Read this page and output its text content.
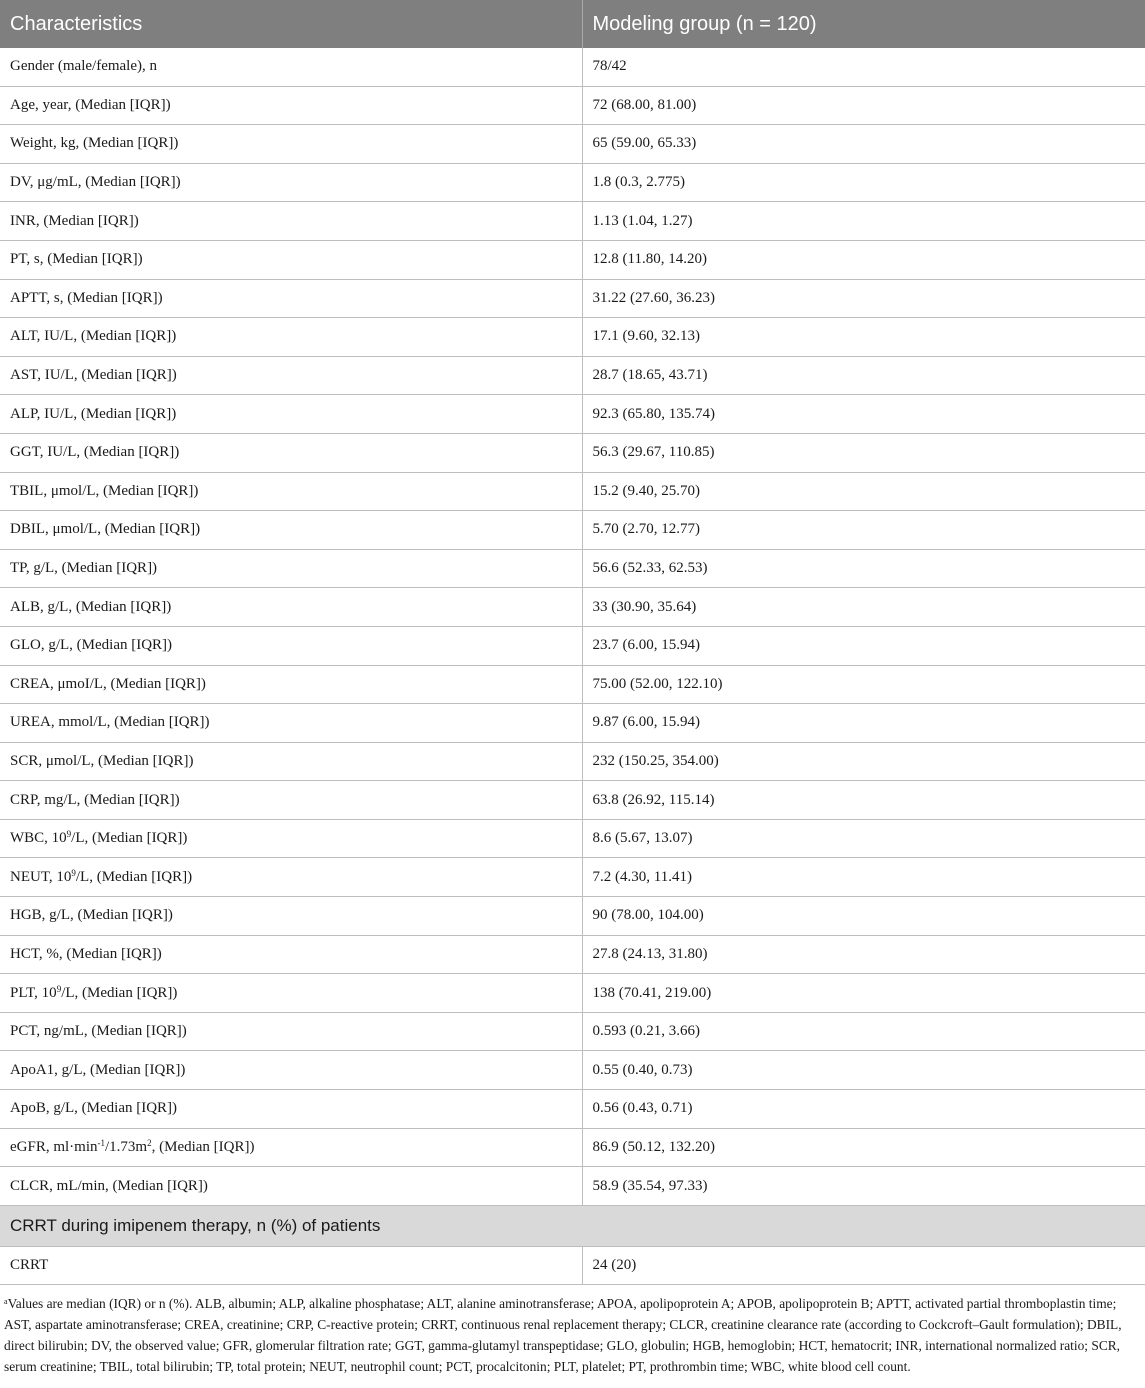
Characteristics	Modeling group (n = 120)
Gender (male/female), n	78/42
Age, year, (Median [IQR])	72 (68.00, 81.00)
Weight, kg, (Median [IQR])	65 (59.00, 65.33)
DV, μg/mL, (Median [IQR])	1.8 (0.3, 2.775)
INR, (Median [IQR])	1.13 (1.04, 1.27)
PT, s, (Median [IQR])	12.8 (11.80, 14.20)
APTT, s, (Median [IQR])	31.22 (27.60, 36.23)
ALT, IU/L, (Median [IQR])	17.1 (9.60, 32.13)
AST, IU/L, (Median [IQR])	28.7 (18.65, 43.71)
ALP, IU/L, (Median [IQR])	92.3 (65.80, 135.74)
GGT, IU/L, (Median [IQR])	56.3 (29.67, 110.85)
TBIL, μmol/L, (Median [IQR])	15.2 (9.40, 25.70)
DBIL, μmol/L, (Median [IQR])	5.70 (2.70, 12.77)
TP, g/L, (Median [IQR])	56.6 (52.33, 62.53)
ALB, g/L, (Median [IQR])	33 (30.90, 35.64)
GLO, g/L, (Median [IQR])	23.7 (6.00, 15.94)
CREA, μmoI/L, (Median [IQR])	75.00 (52.00, 122.10)
UREA, mmol/L, (Median [IQR])	9.87 (6.00, 15.94)
SCR, μmol/L, (Median [IQR])	232 (150.25, 354.00)
CRP, mg/L, (Median [IQR])	63.8 (26.92, 115.14)
WBC, $10^9/L$, (Median [IQR])	8.6 (5.67, 13.07)
NEUT, $10^9/L$, (Median [IQR])	7.2 (4.30, 11.41)
HGB, g/L, (Median [IQR])	90 (78.00, 104.00)
HCT, %, (Median [IQR])	27.8 (24.13, 31.80)
PLT, $10^9/L$, (Median [IQR])	138 (70.41, 219.00)
PCT, ng/mL, (Median [IQR])	0.593 (0.21, 3.66)
ApoA1, g/L, (Median [IQR])	0.55 (0.40, 0.73)
ApoB, g/L, (Median [IQR])	0.56 (0.43, 0.71)
eGFR, $ml\cdot\min^{-1}/1.73m^2$, (Median [IQR])	86.9 (50.12, 132.20)
CLCR, mL/min, (Median [IQR])	58.9 (35.54, 97.33)
CRRT during imipenem therapy, n (%) of patients	
CRRT	24 (20)
$^a$Values are median (IQR) or n (%). ALB, albumin; ALP, alkaline phosphatase; ALT, alanine aminotransferase; APOA, apolipoprotein A; APOB, apolipoprotein B; APTT, activated partial thromboplastin time; AST, aspartate aminotransferase; CREA, creatinine; CRP, C-reactive protein; CRRT, continuous renal replacement therapy; CLCR, creatinine clearance rate (according to Cockcroft–Gault formulation); DBIL, direct bilirubin; DV, the observed value; GFR, glomerular filtration rate; GGT, gamma-glutamyl transpeptidase; GLO, globulin; HGB, hemoglobin; HCT, hematocrit; INR, international normalized ratio; SCR, serum creatinine; TBIL, total bilirubin; TP, total protein; NEUT, neutrophil count; PCT, procalcitonin; PLT, platelet; PT, prothrombin time; WBC, white blood cell count.
